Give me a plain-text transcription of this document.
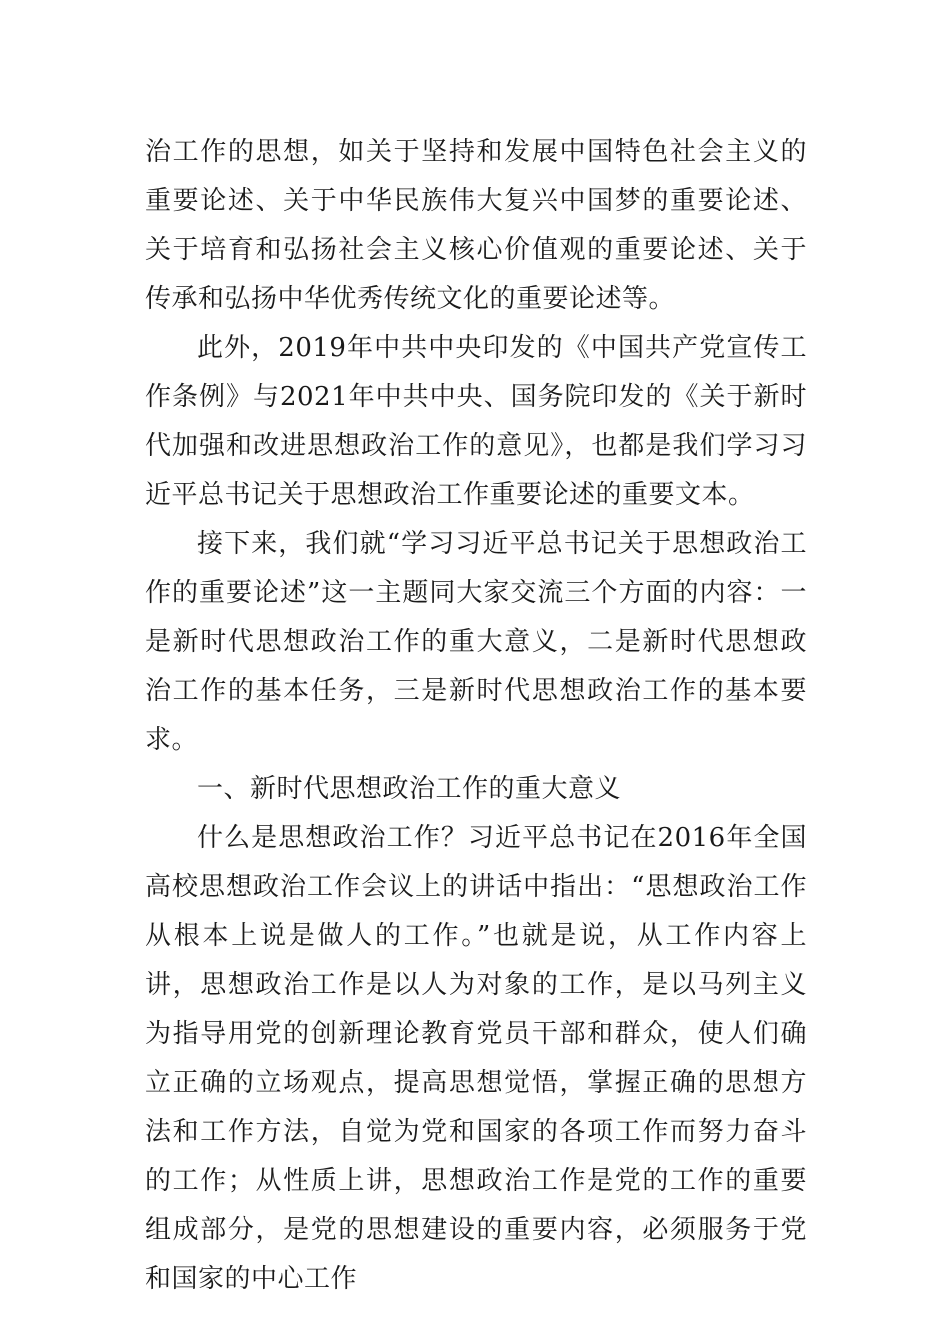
治工作的思想，如关于坚持和发展中国特色社会主义的重要论述、关于中华民族伟大复兴中国梦的重要论述、关于培育和弘扬社会主义核心价值观的重要论述、关于传承和弘扬中华优秀传统文化的重要论述等。

此外，2019年中共中央印发的《中国共产党宣传工作条例》与2021年中共中央、国务院印发的《关于新时代加强和改进思想政治工作的意见》，也都是我们学习习近平总书记关于思想政治工作重要论述的重要文本。

接下来，我们就“学习习近平总书记关于思想政治工作的重要论述”这一主题同大家交流三个方面的内容：一是新时代思想政治工作的重大意义，二是新时代思想政治工作的基本任务，三是新时代思想政治工作的基本要求。

一、新时代思想政治工作的重大意义

什么是思想政治工作？习近平总书记在2016年全国高校思想政治工作会议上的讲话中指出：“思想政治工作从根本上说是做人的工作。”也就是说，从工作内容上讲，思想政治工作是以人为对象的工作，是以马列主义为指导用党的创新理论教育党员干部和群众，使人们确立正确的立场观点，提高思想觉悟，掌握正确的思想方法和工作方法，自觉为党和国家的各项工作而努力奋斗的工作；从性质上讲，思想政治工作是党的工作的重要组成部分，是党的思想建设的重要内容，必须服务于党和国家的中心工作
